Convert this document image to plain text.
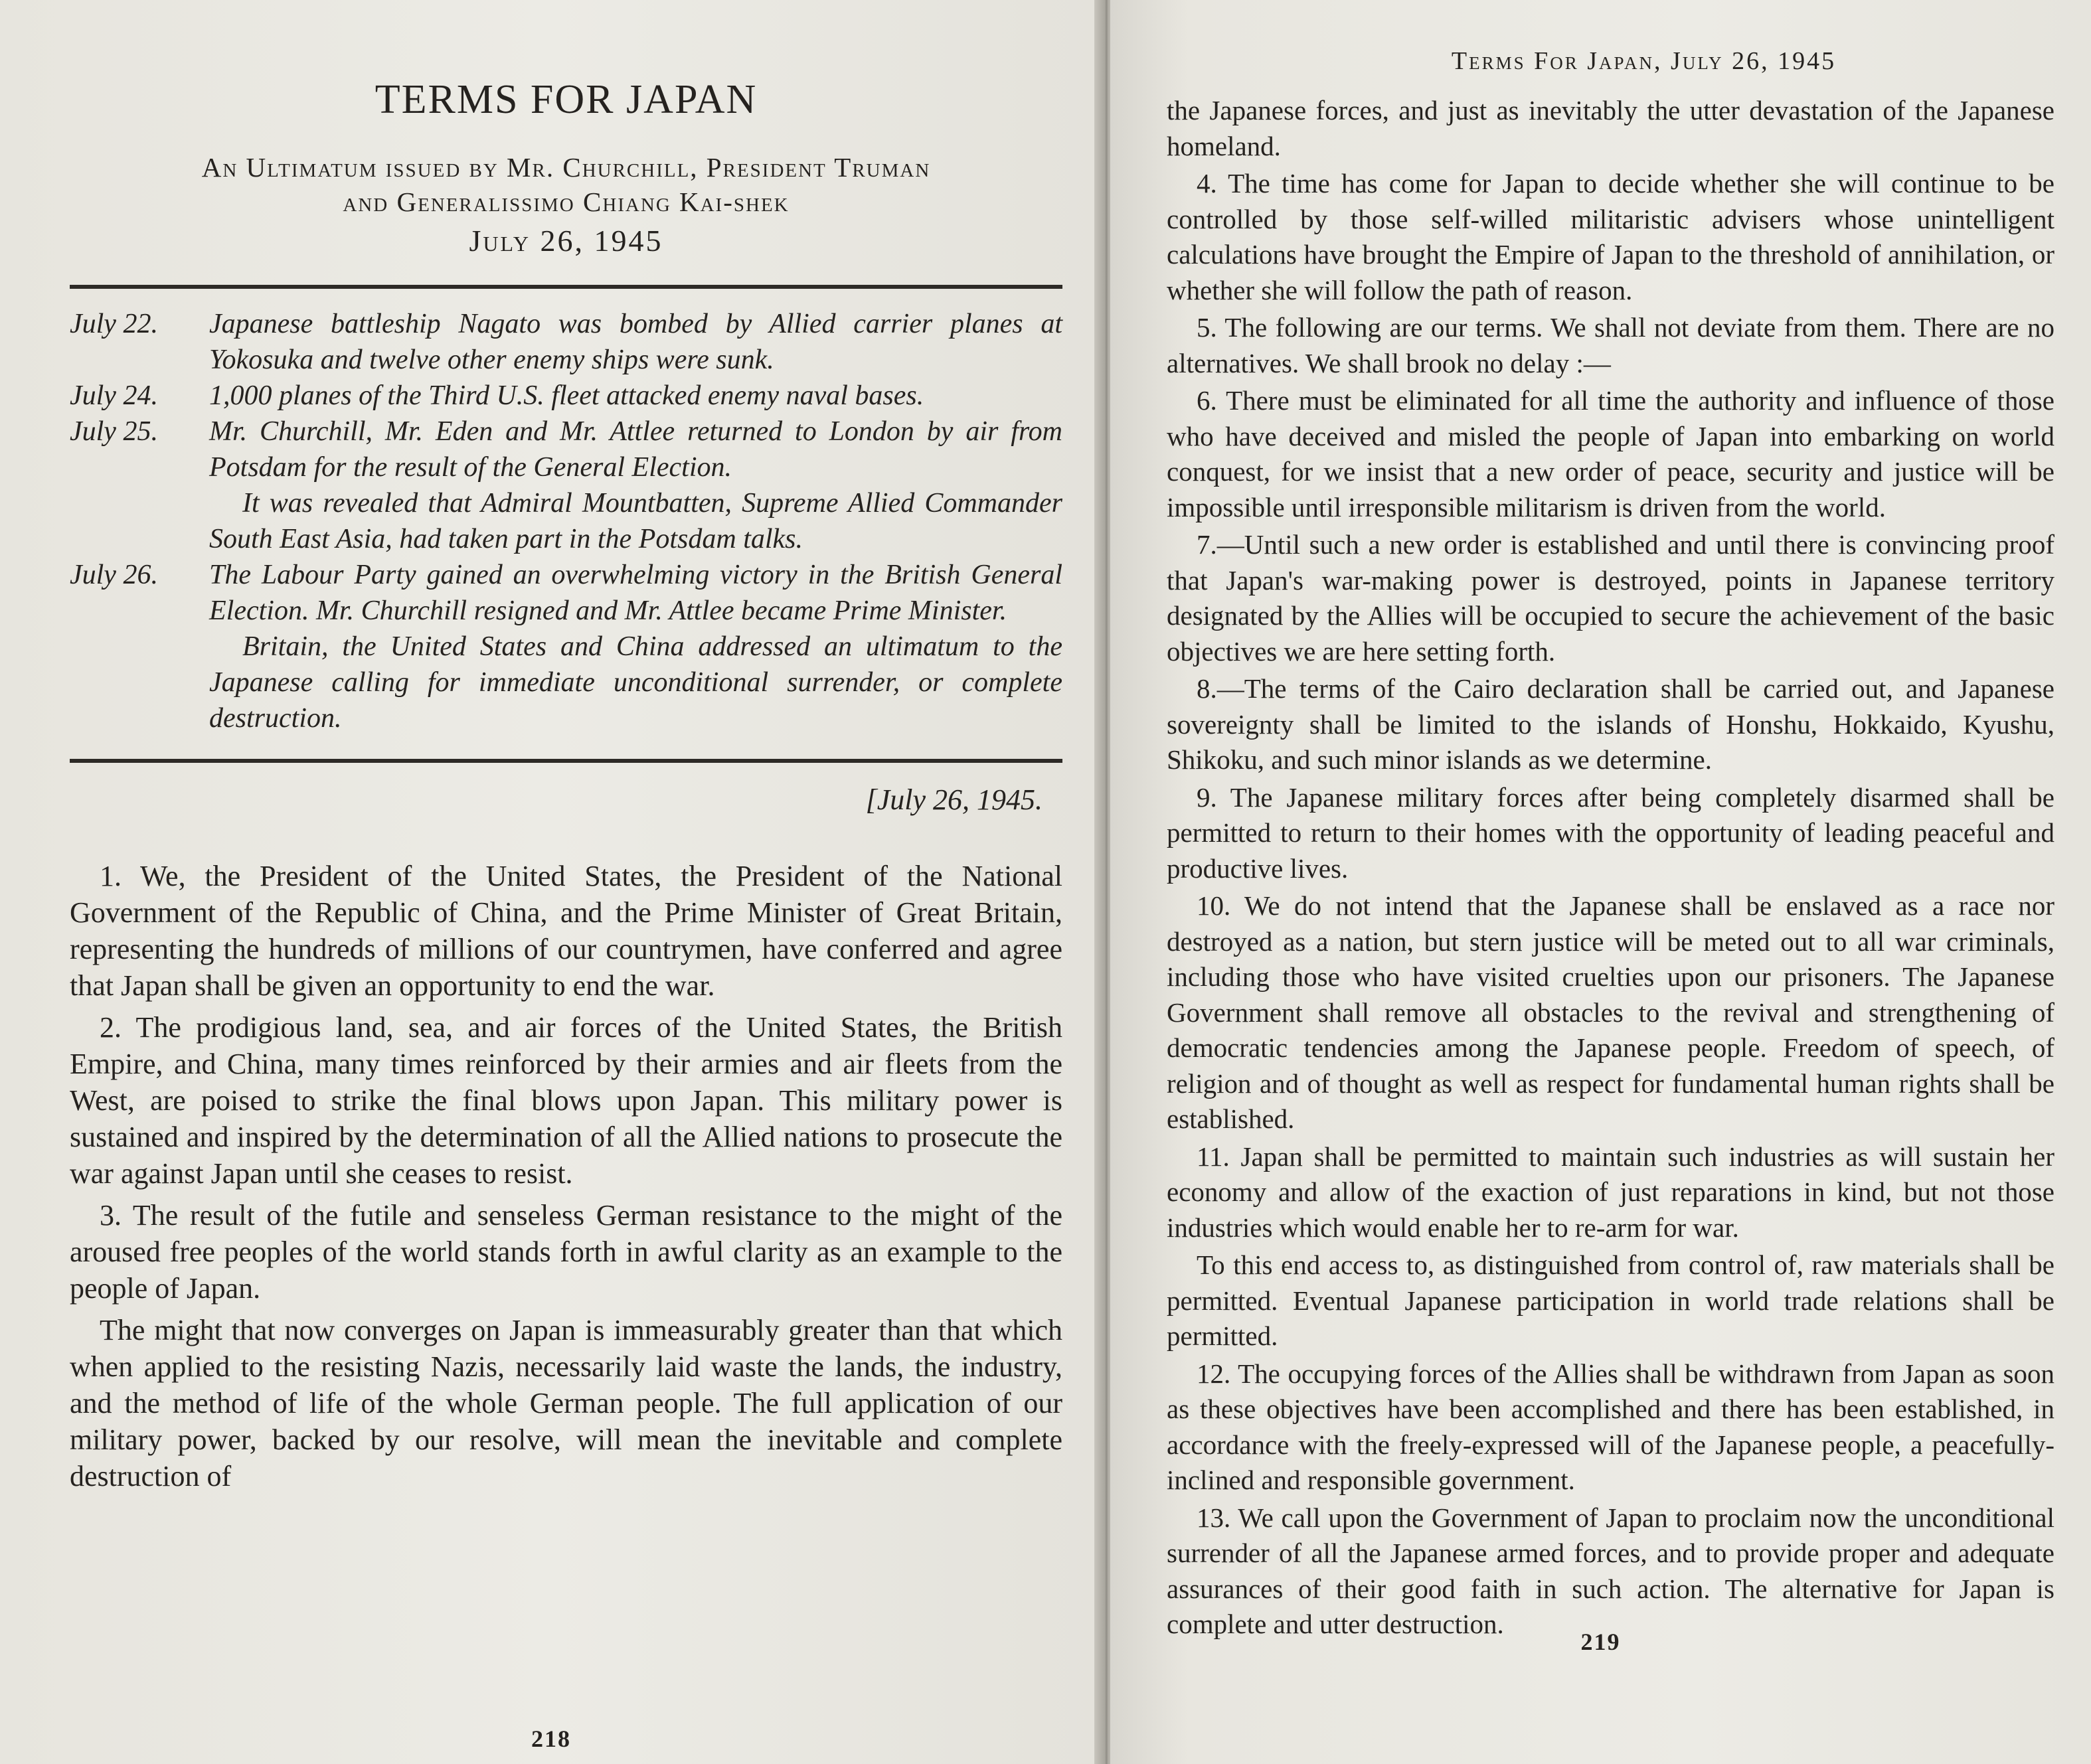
TERMS FOR JAPAN
An Ultimatum issued by Mr. Churchill, President Truman
and Generalissimo Chiang Kai-shek
July 26, 1945
July 22.	Japanese battleship Nagato was bombed by Allied carrier planes at Yokosuka and twelve other enemy ships were sunk.

July 24.	1,000 planes of the Third U.S. fleet attacked enemy naval bases.

July 25.	Mr. Churchill, Mr. Eden and Mr. Attlee returned to London by air from Potsdam for the result of the General Election.

It was revealed that Admiral Mountbatten, Supreme Allied Commander South East Asia, had taken part in the Potsdam talks.

July 26.	The Labour Party gained an overwhelming victory in the British General Election. Mr. Churchill resigned and Mr. Attlee became Prime Minister.

Britain, the United States and China addressed an ultimatum to the Japanese calling for immediate unconditional surrender, or complete destruction.

[July 26, 1945.

1. We, the President of the United States, the President of the National Government of the Republic of China, and the Prime Minister of Great Britain, representing the hundreds of millions of our countrymen, have conferred and agree that Japan shall be given an opportunity to end the war.

2. The prodigious land, sea, and air forces of the United States, the British Empire, and China, many times reinforced by their armies and air fleets from the West, are poised to strike the final blows upon Japan. This military power is sustained and inspired by the determination of all the Allied nations to prosecute the war against Japan until she ceases to resist.

3. The result of the futile and senseless German resistance to the might of the aroused free peoples of the world stands forth in awful clarity as an example to the people of Japan.

The might that now converges on Japan is immeasurably greater than that which when applied to the resisting Nazis, necessarily laid waste the lands, the industry, and the method of life of the whole German people. The full application of our military power, backed by our resolve, will mean the inevitable and complete destruction of

218
Terms For Japan, July 26, 1945

the Japanese forces, and just as inevitably the utter devastation of the Japanese homeland.

4. The time has come for Japan to decide whether she will continue to be controlled by those self-willed militaristic advisers whose unintelligent calculations have brought the Empire of Japan to the threshold of annihilation, or whether she will follow the path of reason.

5. The following are our terms. We shall not deviate from them. There are no alternatives. We shall brook no delay :—

6. There must be eliminated for all time the authority and influence of those who have deceived and misled the people of Japan into embarking on world conquest, for we insist that a new order of peace, security and justice will be impossible until irresponsible militarism is driven from the world.

7.—Until such a new order is established and until there is convincing proof that Japan's war-making power is destroyed, points in Japanese territory designated by the Allies will be occupied to secure the achievement of the basic objectives we are here setting forth.

8.—The terms of the Cairo declaration shall be carried out, and Japanese sovereignty shall be limited to the islands of Honshu, Hokkaido, Kyushu, Shikoku, and such minor islands as we determine.

9. The Japanese military forces after being completely disarmed shall be permitted to return to their homes with the opportunity of leading peaceful and productive lives.

10. We do not intend that the Japanese shall be enslaved as a race nor destroyed as a nation, but stern justice will be meted out to all war criminals, including those who have visited cruelties upon our prisoners. The Japanese Government shall remove all obstacles to the revival and strengthening of democratic tendencies among the Japanese people. Freedom of speech, of religion and of thought as well as respect for fundamental human rights shall be established.

11. Japan shall be permitted to maintain such industries as will sustain her economy and allow of the exaction of just reparations in kind, but not those industries which would enable her to re-arm for war.

To this end access to, as distinguished from control of, raw materials shall be permitted. Eventual Japanese participation in world trade relations shall be permitted.

12. The occupying forces of the Allies shall be withdrawn from Japan as soon as these objectives have been accomplished and there has been established, in accordance with the freely-expressed will of the Japanese people, a peacefully-inclined and responsible government.

13. We call upon the Government of Japan to proclaim now the unconditional surrender of all the Japanese armed forces, and to provide proper and adequate assurances of their good faith in such action. The alternative for Japan is complete and utter destruction.

219
